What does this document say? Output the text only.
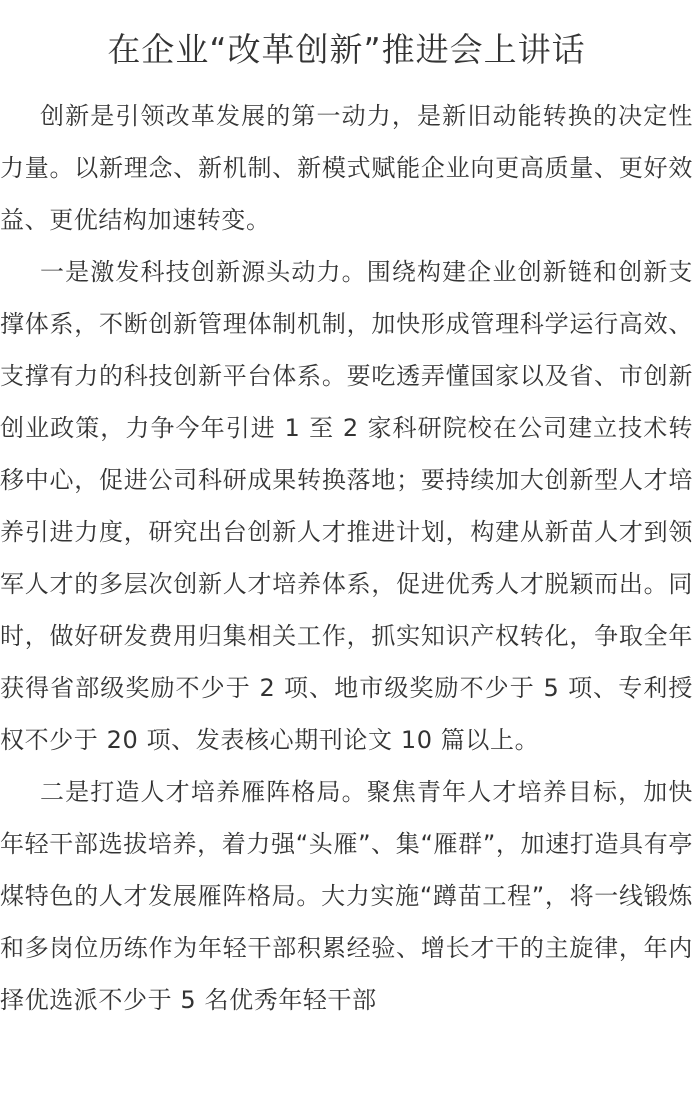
在企业“改革创新”推进会上讲话

创新是引领改革发展的第一动力，是新旧动能转换的决定性力量。以新理念、新机制、新模式赋能企业向更高质量、更好效益、更优结构加速转变。

一是激发科技创新源头动力。围绕构建企业创新链和创新支撑体系，不断创新管理体制机制，加快形成管理科学运行高效、支撑有力的科技创新平台体系。要吃透弄懂国家以及省、市创新创业政策，力争今年引进 1 至 2 家科研院校在公司建立技术转移中心，促进公司科研成果转换落地；要持续加大创新型人才培养引进力度，研究出台创新人才推进计划，构建从新苗人才到领军人才的多层次创新人才培养体系，促进优秀人才脱颖而出。同时，做好研发费用归集相关工作，抓实知识产权转化，争取全年获得省部级奖励不少于 2 项、地市级奖励不少于 5 项、专利授权不少于 20 项、发表核心期刊论文 10 篇以上。

二是打造人才培养雁阵格局。聚焦青年人才培养目标，加快年轻干部选拔培养，着力强“头雁”、集“雁群”，加速打造具有亭煤特色的人才发展雁阵格局。大力实施“蹲苗工程”，将一线锻炼和多岗位历练作为年轻干部积累经验、增长才干的主旋律，年内择优选派不少于 5 名优秀年轻干部
